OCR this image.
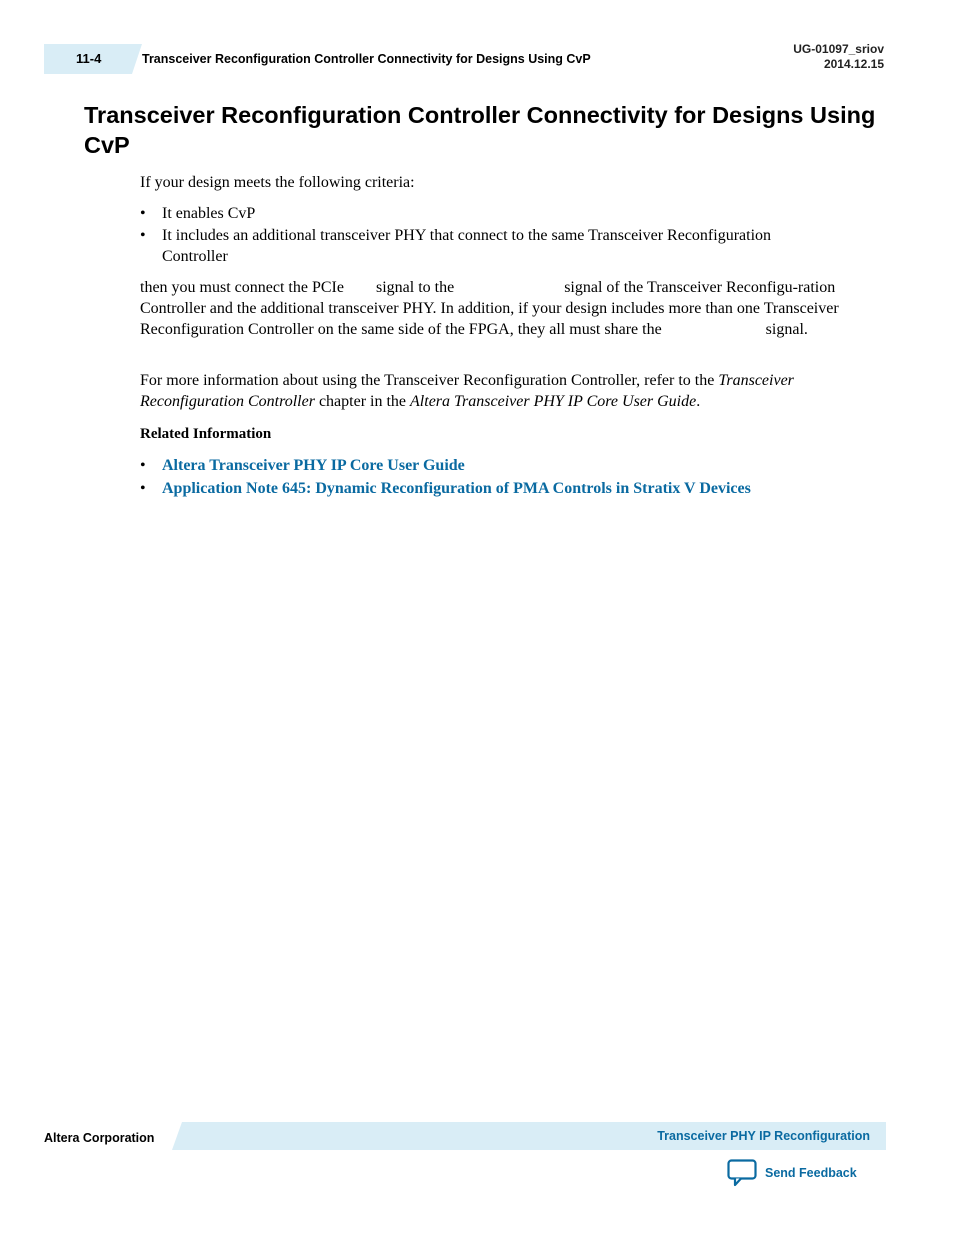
11-4	Transceiver Reconfiguration Controller Connectivity for Designs Using CvP
UG-01097_sriov
2014.12.15
Transceiver Reconfiguration Controller Connectivity for Designs Using CvP
If your design meets the following criteria:
• It enables CvP
• It includes an additional transceiver PHY that connect to the same Transceiver Reconfiguration Controller
then you must connect the PCIe signal to the	signal of the Transceiver Reconfigu-ration Controller and the additional transceiver PHY. In addition, if your design includes more than one Transceiver Reconfiguration Controller on the same side of the FPGA, they all must share the	signal.
For more information about using the Transceiver Reconfiguration Controller, refer to the Transceiver Reconfiguration Controller chapter in the Altera Transceiver PHY IP Core User Guide.
Related Information
• Altera Transceiver PHY IP Core User Guide
• Application Note 645: Dynamic Reconfiguration of PMA Controls in Stratix V Devices
Altera Corporation	Transceiver PHY IP Reconfiguration
Send Feedback
